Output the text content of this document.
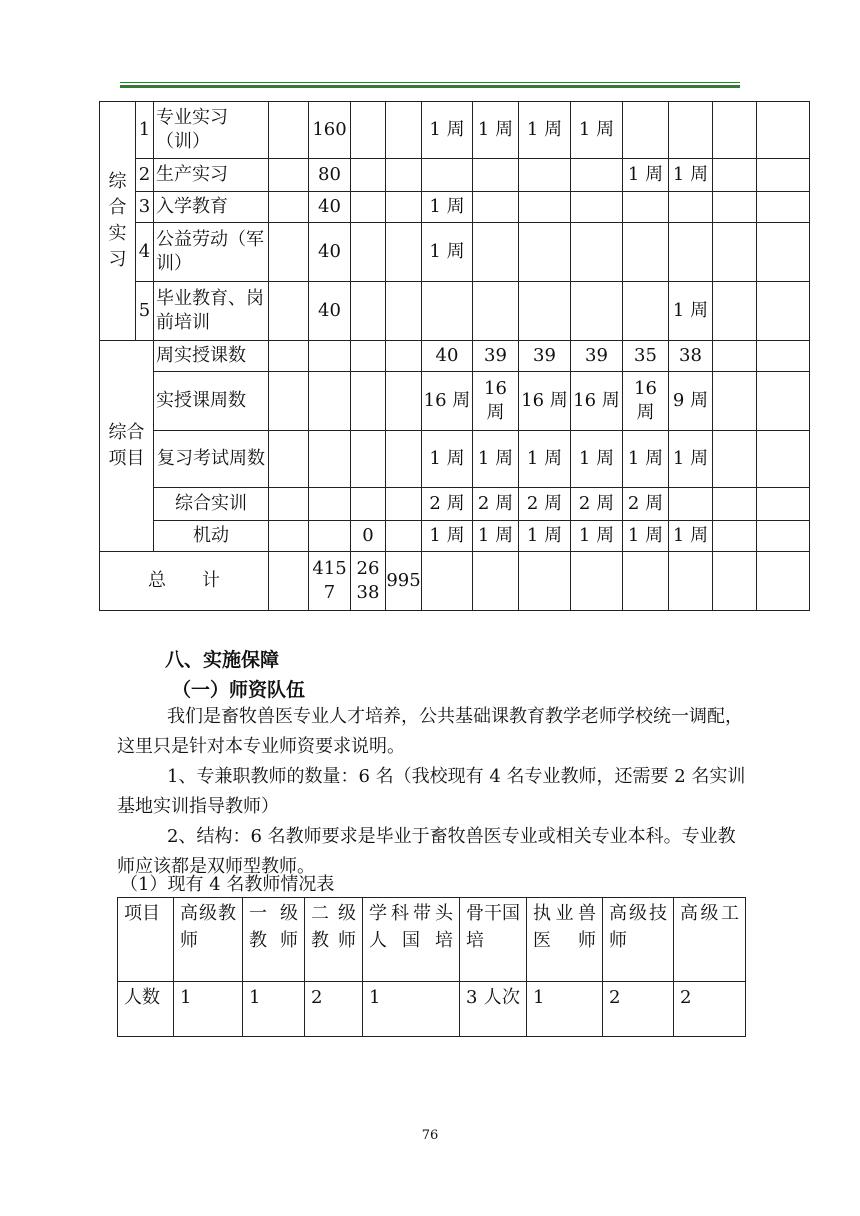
综合实习	1	专业实习（训）		160			1 周	1 周	1 周	1 周				
	2	生产实习		80							1 周	1 周		
	3	入学教育		40			1 周							
	4	公益劳动（军训）		40			1 周							
	5	毕业教育、岗前培训		40								1 周		
综合项目		周实授课数					40	39	39	39	35	38		
		实授课周数					16 周	16 周	16 周	16 周	16 周	9 周		
		复习考试周数					1 周	1 周	1 周	1 周	1 周	1 周		
		综合实训					2 周	2 周	2 周	2 周	2 周			
		机动			0		1 周	1 周	1 周	1 周	1 周	1 周		
总　　计				4157	2638	995								
八、实施保障
（一）师资队伍

我们是畜牧兽医专业人才培养，公共基础课教育教学老师学校统一调配，这里只是针对本专业师资要求说明。

1、专兼职教师的数量：6 名（我校现有 4 名专业教师，还需要 2 名实训基地实训指导教师）

2、结构：6 名教师要求是毕业于畜牧兽医专业或相关专业本科。专业教师应该都是双师型教师。

（1）现有 4 名教师情况表
项目	高级教师	一级教师	二级教师	学科带头人国培	骨干国培	执业兽医师	高级技师	高级工
人数	1	1	2	1	3 人次	1	2	2
76
